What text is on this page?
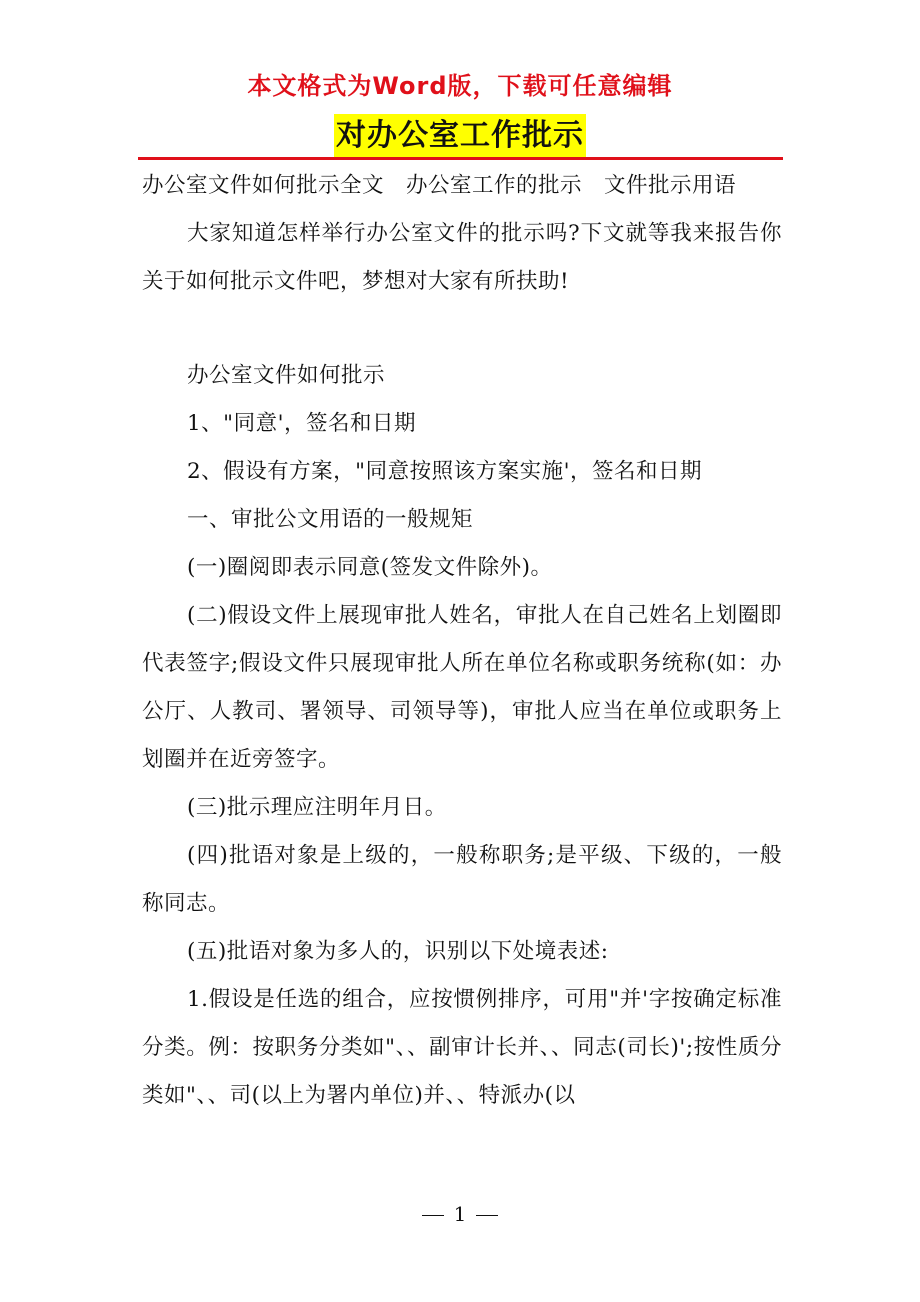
本文格式为Word版，下载可任意编辑
对办公室工作批示

办公室文件如何批示全文　办公室工作的批示　文件批示用语

大家知道怎样举行办公室文件的批示吗?下文就等我来报告你关于如何批示文件吧，梦想对大家有所扶助!

办公室文件如何批示

1、"同意'，签名和日期

2、假设有方案，"同意按照该方案实施'，签名和日期

一、审批公文用语的一般规矩

(一)圈阅即表示同意(签发文件除外)。

(二)假设文件上展现审批人姓名，审批人在自己姓名上划圈即代表签字;假设文件只展现审批人所在单位名称或职务统称(如：办公厅、人教司、署领导、司领导等)，审批人应当在单位或职务上划圈并在近旁签字。

(三)批示理应注明年月日。

(四)批语对象是上级的，一般称职务;是平级、下级的，一般称同志。

(五)批语对象为多人的，识别以下处境表述:

1.假设是任选的组合，应按惯例排序，可用"并'字按确定标准分类。例：按职务分类如"、、副审计长并、、同志(司长)';按性质分类如"、、司(以上为署内单位)并、、特派办(以

1
